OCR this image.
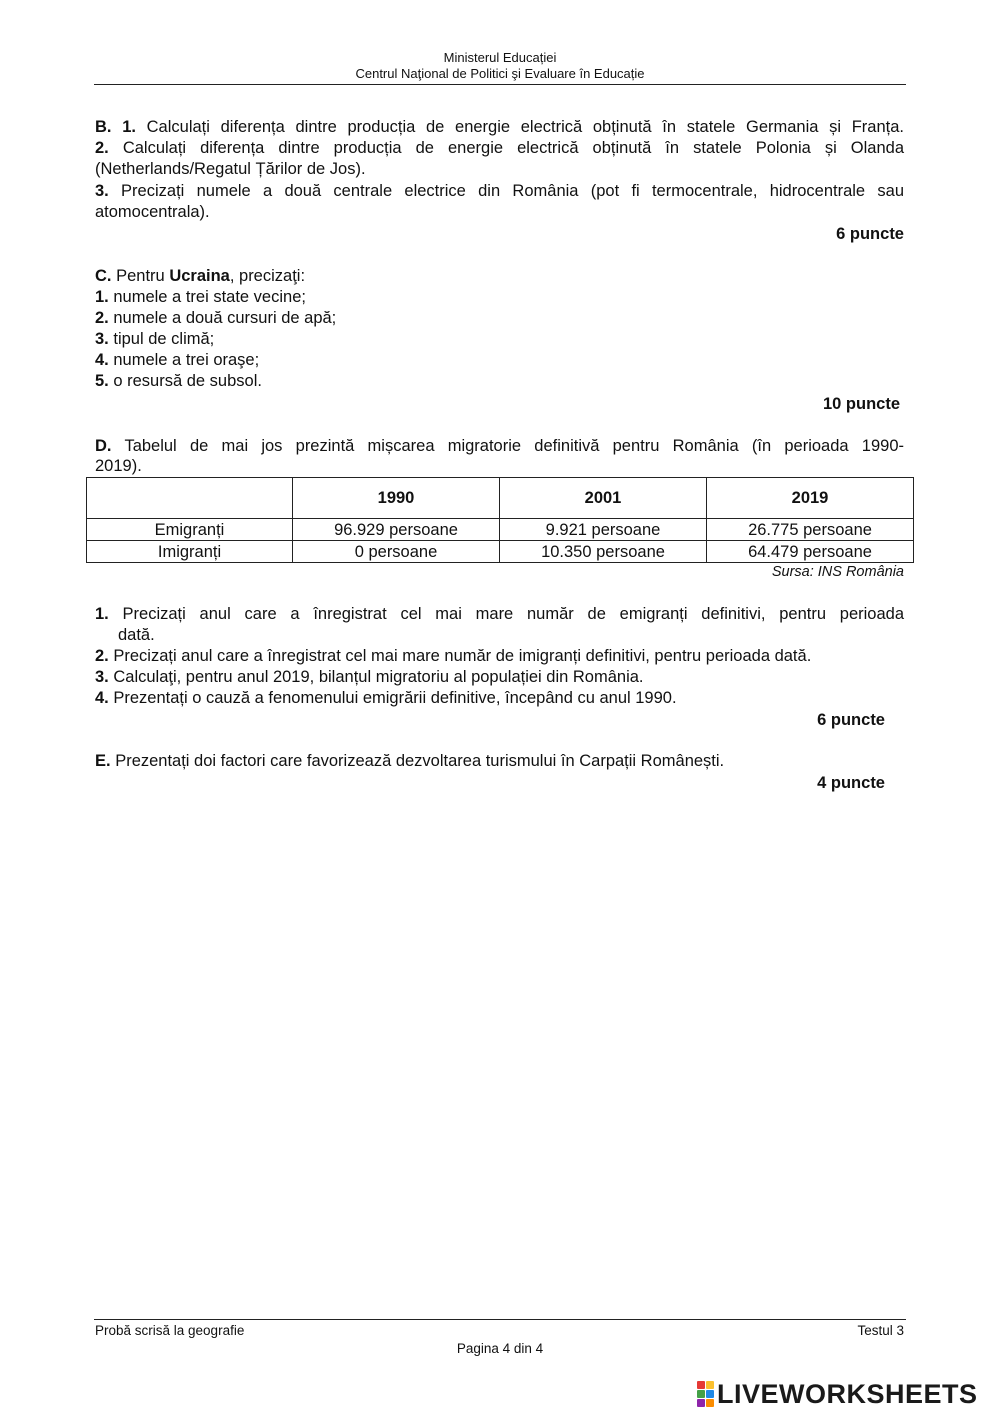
Ministerul Educației
Centrul Naţional de Politici şi Evaluare în Educație
B. 1. Calculați diferența dintre producția de energie electrică obținută în statele Germania și Franța.
2. Calculați diferența dintre producția de energie electrică obținută în statele Polonia și Olanda
(Netherlands/Regatul Țărilor de Jos).
3. Precizați numele a două centrale electrice din România (pot fi termocentrale, hidrocentrale sau
atomocentrala).
6 puncte
C. Pentru Ucraina, precizaţi:
1. numele a trei state vecine;
2. numele a două cursuri de apă;
3. tipul de climă;
4. numele a trei oraşe;
5. o resursă de subsol.
10 puncte
D. Tabelul de mai jos prezintă mișcarea migratorie definitivă pentru România (în perioada 1990-
2019).
	1990	2001	2019
Emigranți	96.929 persoane	9.921 persoane	26.775 persoane
Imigranți	0 persoane	10.350 persoane	64.479 persoane
Sursa: INS România
1. Precizați anul care a înregistrat cel mai mare număr de emigranți definitivi, pentru perioada
dată.
2. Precizați anul care a înregistrat cel mai mare număr de imigranți definitivi, pentru perioada dată.
3. Calculaţi, pentru anul 2019, bilanțul migratoriu al populației din România.
4. Prezentați o cauză a fenomenului emigrării definitive, începând cu anul 1990.
6 puncte
E. Prezentați doi factori care favorizează dezvoltarea turismului în Carpații Românești.
4 puncte
Probă scrisă la geografie	Testul 3
Pagina 4 din 4
LIVEWORKSHEETS
